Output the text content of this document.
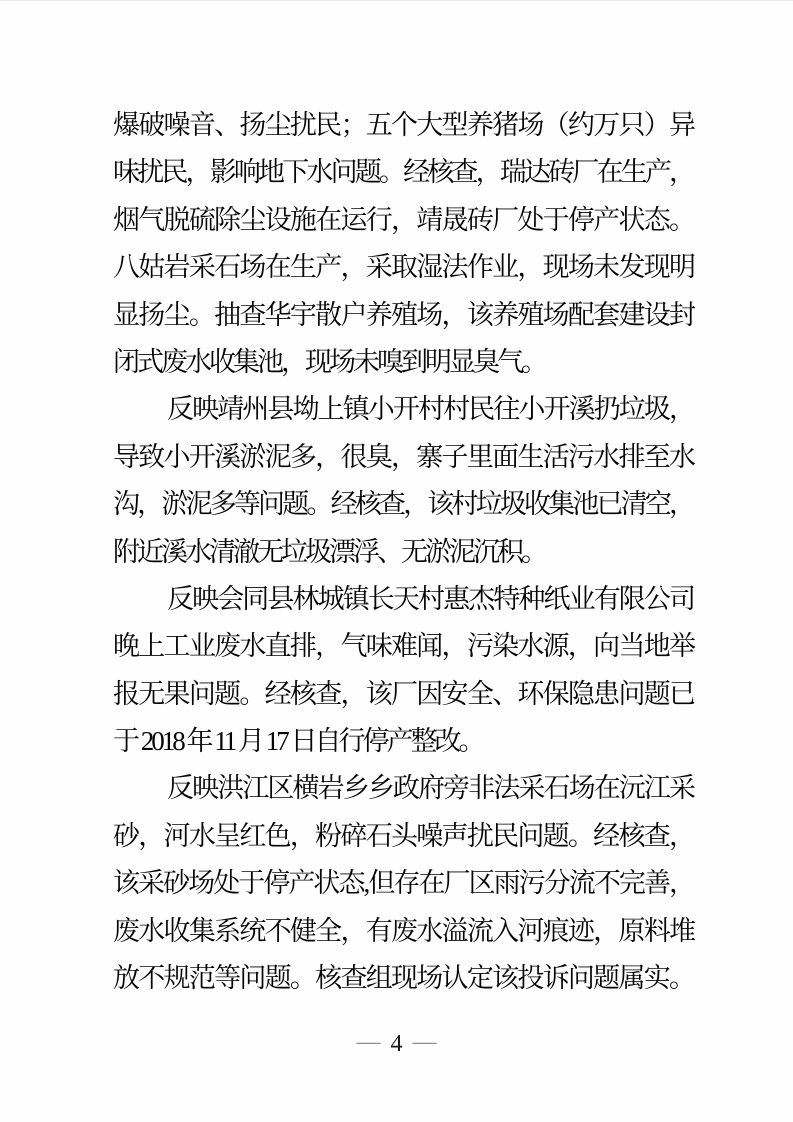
爆破噪音、扬尘扰民；五个大型养猪场（约万只）异
味扰民，影响地下水问题。经核查，瑞达砖厂在生产，
烟气脱硫除尘设施在运行，靖晟砖厂处于停产状态。
八姑岩采石场在生产，采取湿法作业，现场未发现明
显扬尘。抽查华宇散户养殖场，该养殖场配套建设封
闭式废水收集池，现场未嗅到明显臭气。
反映靖州县坳上镇小开村村民往小开溪扔垃圾，
导致小开溪淤泥多，很臭，寨子里面生活污水排至水
沟，淤泥多等问题。经核查，该村垃圾收集池已清空，
附近溪水清澈无垃圾漂浮、无淤泥沉积。
反映会同县林城镇长天村惠杰特种纸业有限公司
晚上工业废水直排，气味难闻，污染水源，向当地举
报无果问题。经核查，该厂因安全、环保隐患问题已
于 2018 年 11 月 17 日自行停产整改。
反映洪江区横岩乡乡政府旁非法采石场在沅江采
砂，河水呈红色，粉碎石头噪声扰民问题。经核查，
该采砂场处于停产状态,但存在厂区雨污分流不完善，
废水收集系统不健全，有废水溢流入河痕迹，原料堆
放不规范等问题。核查组现场认定该投诉问题属实。
— 4 —
